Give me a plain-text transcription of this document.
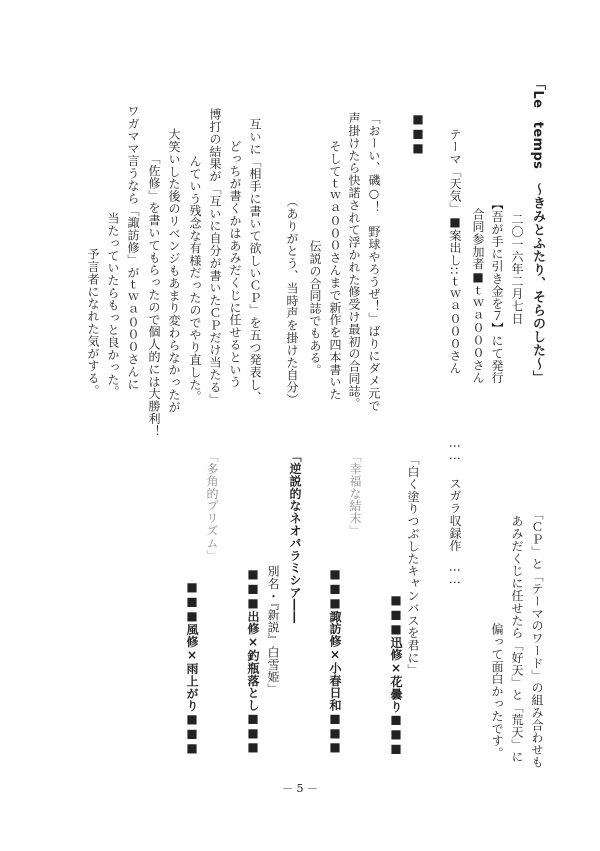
「Le　temps　～きみとふたり、そらのした～」
二〇一六年二月七日
【吾が手に引き金を７】にて発行
合同参加者■ｔｗａ０００さん
テーマ「天気」■案出し::ｔｗａ０００さん
■■■
「おーい、磯○！　野球やろうぜ！」ばりにダメ元で
声掛けたら快諾されて浮かれた修受け最初の合同誌。
そしてｔｗａ０００さんまで新作を四本書いた
伝説の合同誌でもある。
（ありがとう、当時声を掛けた自分）
互いに「相手に書いて欲しいＣＰ」を五つ発表し、
どっちが書くかはあみだくじに任せるという
博打の結果が「互いに自分が書いたＣＰだけ当たる」
んていう残念な有様だったのでやり直した。
大笑いした後のリベンジもあまり変わらなかったが
「佐修」を書いてもらったので個人的には大勝利！
ワガママ言うなら「諏訪修」がｔｗａ０００さんに
当たっていたらもっと良かった。
予言者になれた気がする。
「ＣＰ」と「テーマのワード」の組み合わせも
あみだくじに任せたら「好天」と「荒天」に
偏って面白かったです。
⋮⋮　スガラ収録作　⋮⋮
「白く塗りつぶしたキャンバスを君に」
■■■迅修×花曇り■■■
「幸福な結末」
■■■諏訪修×小春日和■■■
「逆説的なネオパラミシア――
別名・『新説』白雪姫」
■■■出修×釣瓶落とし■■■
「多角的プリズム」
■■■風修×雨上がり■■■
－ 5 －
